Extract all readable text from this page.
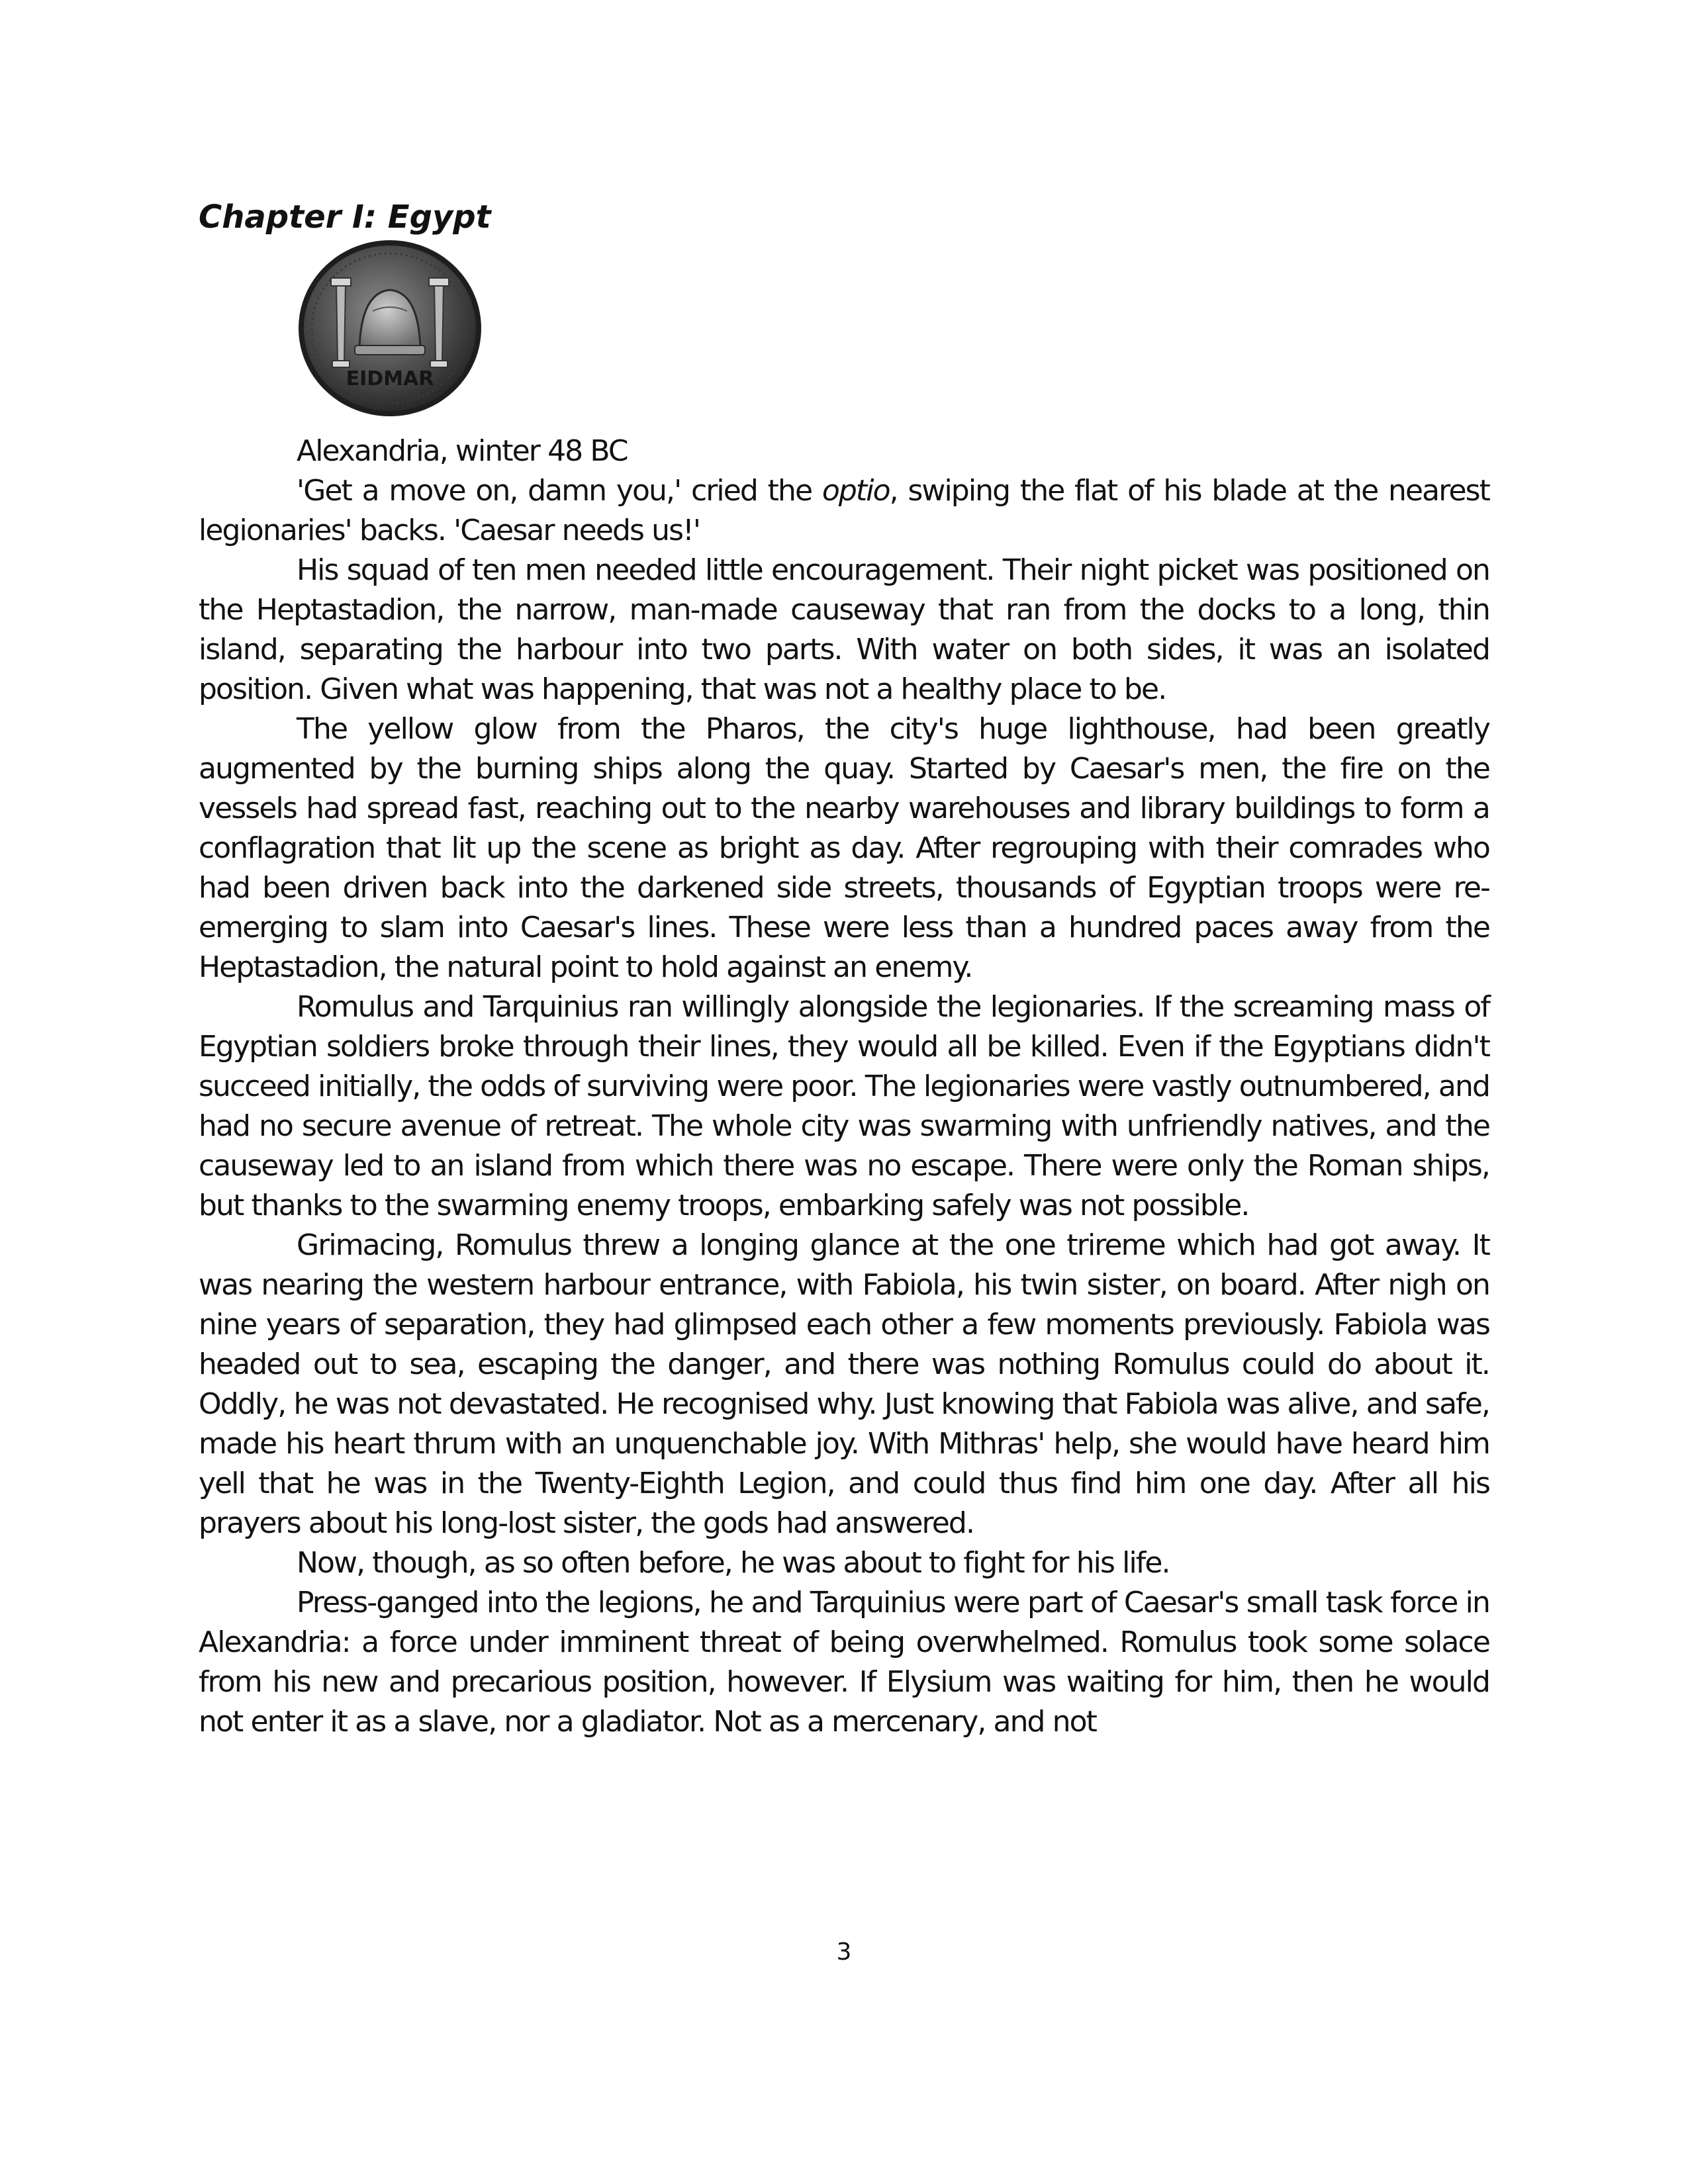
Chapter I: Egypt
EIDMAR

Alexandria, winter 48 BC

'Get a move on, damn you,' cried the optio, swiping the flat of his blade at the nearest legionaries' backs. 'Caesar needs us!'

His squad of ten men needed little encouragement. Their night picket was positioned on the Heptastadion, the narrow, man-made causeway that ran from the docks to a long, thin island, separating the harbour into two parts. With water on both sides, it was an isolated position. Given what was happening, that was not a healthy place to be.

The yellow glow from the Pharos, the city's huge lighthouse, had been greatly augmented by the burning ships along the quay. Started by Caesar's men, the fire on the vessels had spread fast, reaching out to the nearby warehouses and library buildings to form a conflagration that lit up the scene as bright as day. After regrouping with their comrades who had been driven back into the darkened side streets, thousands of Egyptian troops were re-emerging to slam into Caesar's lines. These were less than a hundred paces away from the Heptastadion, the natural point to hold against an enemy.

Romulus and Tarquinius ran willingly alongside the legionaries. If the screaming mass of Egyptian soldiers broke through their lines, they would all be killed. Even if the Egyptians didn't succeed initially, the odds of surviving were poor. The legionaries were vastly outnumbered, and had no secure avenue of retreat. The whole city was swarming with unfriendly natives, and the causeway led to an island from which there was no escape. There were only the Roman ships, but thanks to the swarming enemy troops, embarking safely was not possible.

Grimacing, Romulus threw a longing glance at the one trireme which had got away. It was nearing the western harbour entrance, with Fabiola, his twin sister, on board. After nigh on nine years of separation, they had glimpsed each other a few moments previously. Fabiola was headed out to sea, escaping the danger, and there was nothing Romulus could do about it. Oddly, he was not devastated. He recognised why. Just knowing that Fabiola was alive, and safe, made his heart thrum with an unquenchable joy. With Mithras' help, she would have heard him yell that he was in the Twenty-Eighth Legion, and could thus find him one day. After all his prayers about his long-lost sister, the gods had answered.

Now, though, as so often before, he was about to fight for his life.

Press-ganged into the legions, he and Tarquinius were part of Caesar's small task force in Alexandria: a force under imminent threat of being overwhelmed. Romulus took some solace from his new and precarious position, however. If Elysium was waiting for him, then he would not enter it as a slave, nor a gladiator. Not as a mercenary, and not

3
